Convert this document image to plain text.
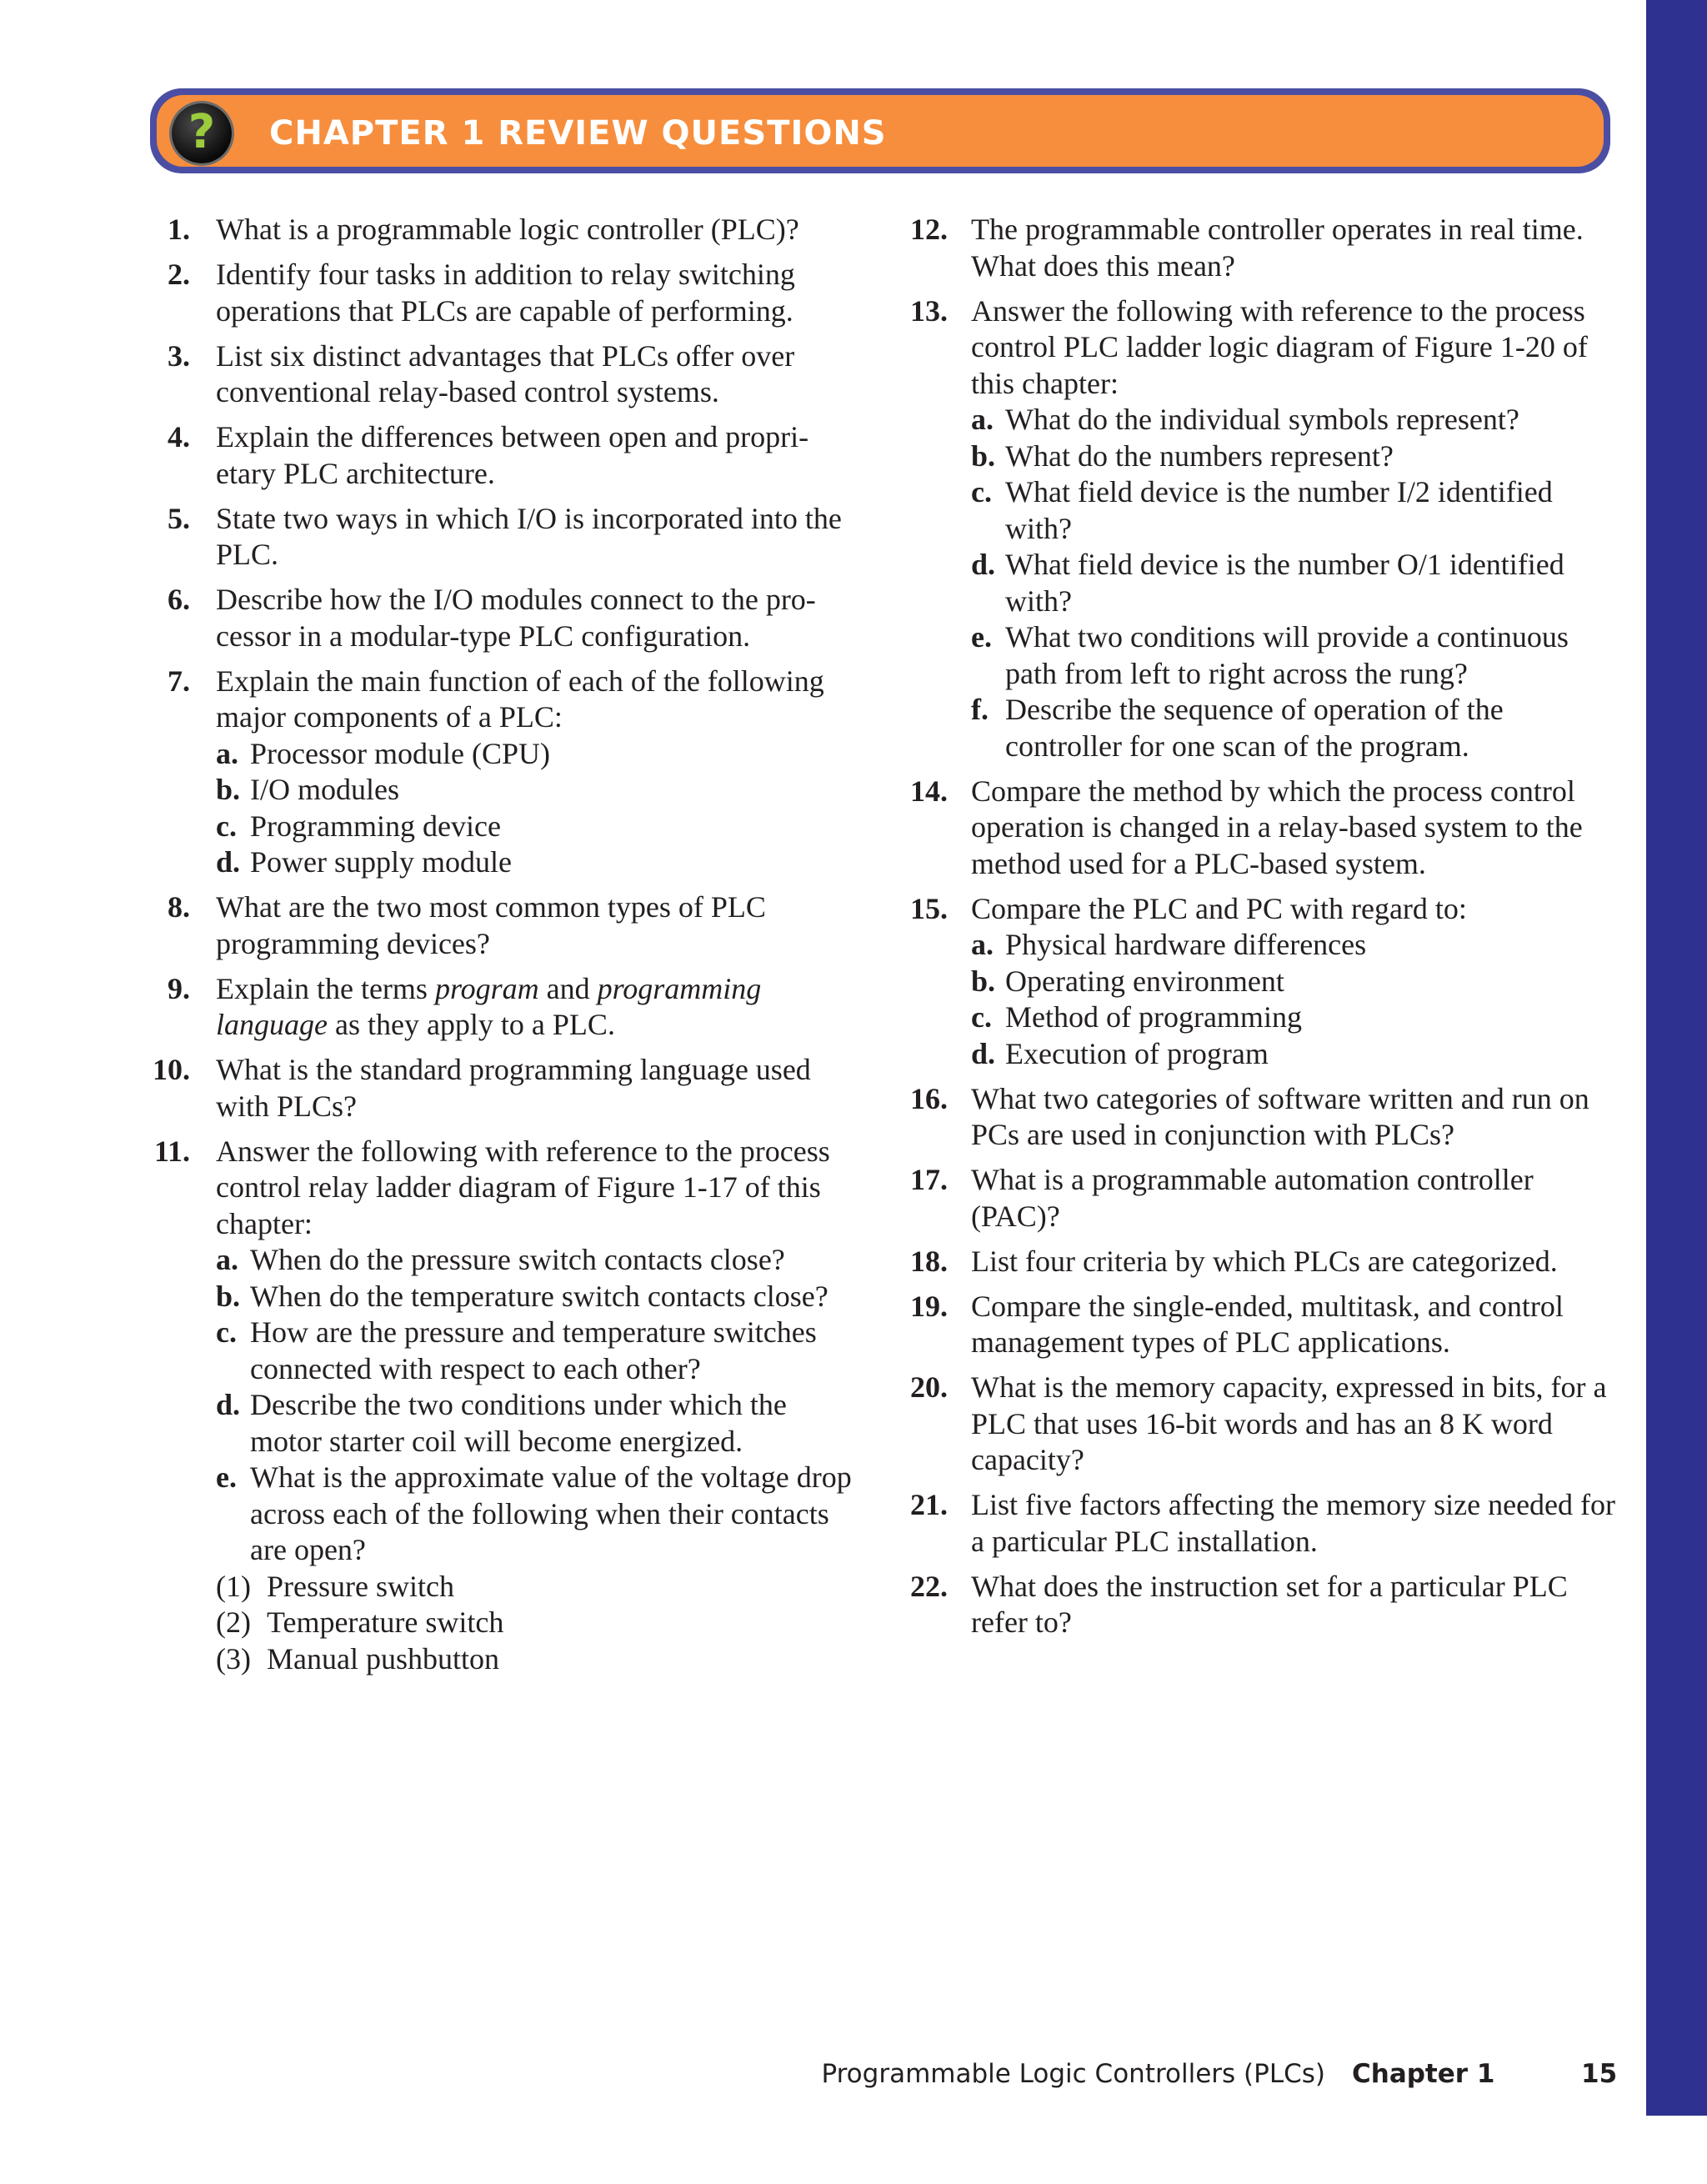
?	CHAPTER 1 REVIEW QUESTIONS
1. What is a programmable logic controller (PLC)?
2. Identify four tasks in addition to relay switching operations that PLCs are capable of performing.
3. List six distinct advantages that PLCs offer over conventional relay-based control systems.
4. Explain the differences between open and propri-etary PLC architecture.
5. State two ways in which I/O is incorporated into the PLC.
6. Describe how the I/O modules connect to the pro-cessor in a modular-type PLC configuration.
7. Explain the main function of each of the following major components of a PLC:
a. Processor module (CPU)
b. I/O modules
c. Programming device
d. Power supply module
8. What are the two most common types of PLC programming devices?
9. Explain the terms program and programming language as they apply to a PLC.
10. What is the standard programming language used with PLCs?
11. Answer the following with reference to the process control relay ladder diagram of Figure 1-17 of this chapter:
a. When do the pressure switch contacts close?
b. When do the temperature switch contacts close?
c. How are the pressure and temperature switches connected with respect to each other?
d. Describe the two conditions under which the motor starter coil will become energized.
e. What is the approximate value of the voltage drop across each of the following when their contacts are open?
(1) Pressure switch
(2) Temperature switch
(3) Manual pushbutton
12. The programmable controller operates in real time. What does this mean?
13. Answer the following with reference to the process control PLC ladder logic diagram of Figure 1-20 of this chapter:
a. What do the individual symbols represent?
b. What do the numbers represent?
c. What field device is the number I/2 identified with?
d. What field device is the number O/1 identified with?
e. What two conditions will provide a continuous path from left to right across the rung?
f. Describe the sequence of operation of the controller for one scan of the program.
14. Compare the method by which the process control operation is changed in a relay-based system to the method used for a PLC-based system.
15. Compare the PLC and PC with regard to:
a. Physical hardware differences
b. Operating environment
c. Method of programming
d. Execution of program
16. What two categories of software written and run on PCs are used in conjunction with PLCs?
17. What is a programmable automation controller (PAC)?
18. List four criteria by which PLCs are categorized.
19. Compare the single-ended, multitask, and control management types of PLC applications.
20. What is the memory capacity, expressed in bits, for a PLC that uses 16-bit words and has an 8 K word capacity?
21. List five factors affecting the memory size needed for a particular PLC installation.
22. What does the instruction set for a particular PLC refer to?
Programmable Logic Controllers (PLCs) Chapter 1	15
